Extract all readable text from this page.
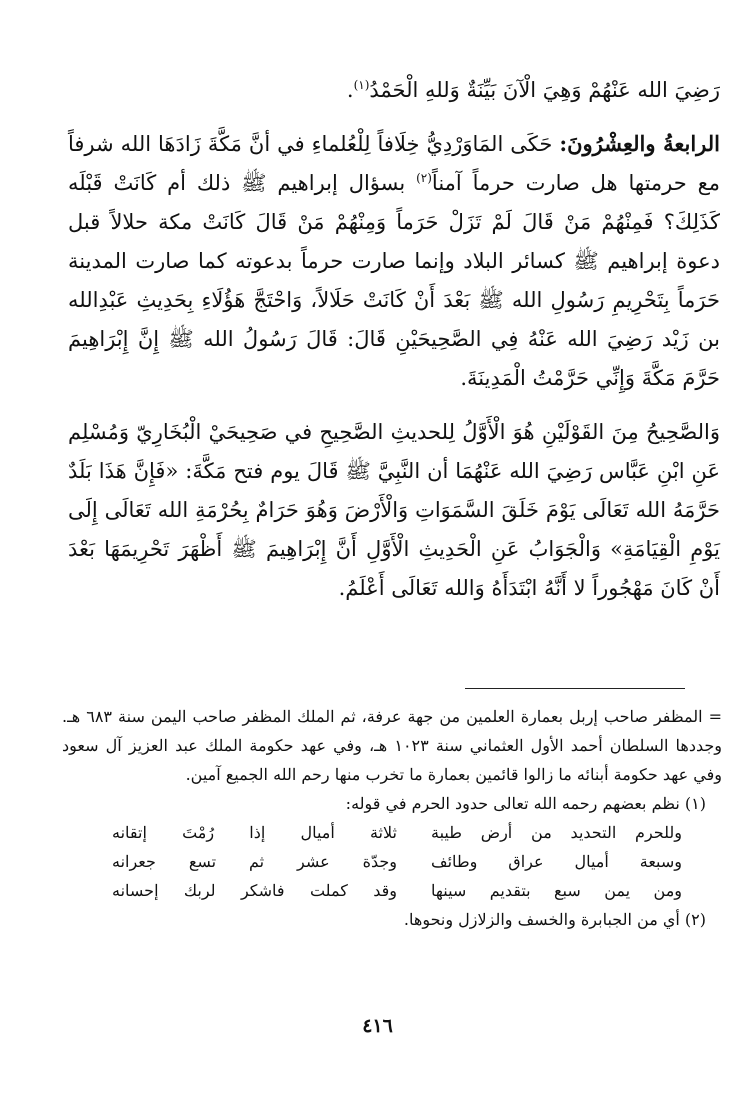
رَضِيَ الله عَنْهُمْ وَهِيَ الْآنَ بَيِّنَةٌ وَللهِ الْحَمْدُ$^{(١)}$.

الرابعةُ والعِشْرُونَ: حَكَى المَاوَرْدِيُّ خِلَافاً لِلْعُلماءِ في أنَّ مَكَّةَ زَادَهَا الله شرفاً مع حرمتها هل صارت حرماً آمناً$^{(٢)}$ بسؤال إبراهيم ﷺ ذلك أم كَانَتْ قَبْلَه كَذَلِكَ؟ فَمِنْهُمْ مَنْ قَالَ لَمْ تَزَلْ حَرَماً وَمِنْهُمْ مَنْ قَالَ كَانَتْ مكة حلالاً قبل دعوة إبراهيم ﷺ كسائر البلاد وإنما صارت حرماً بدعوته كما صارت المدينة حَرَماً بِتَحْرِيمِ رَسُولِ الله ﷺ بَعْدَ أَنْ كَانَتْ حَلَالاً، وَاحْتَجَّ هَؤُلَاءِ بِحَدِيثِ عَبْدِالله بن زَيْد رَضِيَ الله عَنْهُ فِي الصَّحِيحَيْنِ قَالَ: قَالَ رَسُولُ الله ﷺ إِنَّ إِبْرَاهِيمَ حَرَّمَ مَكَّةَ وَإِنِّي حَرَّمْتُ الْمَدِينَةَ.

وَالصَّحِيحُ مِنَ القَوْلَيْنِ هُوَ الْأَوَّلُ لِلحديثِ الصَّحِيحِ في صَحِيحَيْ الْبُخَارِيّ وَمُسْلِم عَنِ ابْنِ عَبَّاس رَضِيَ الله عَنْهُمَا أن النَّبِيَّ ﷺ قَالَ يوم فتح مَكَّةَ: «فَإِنَّ هَذَا بَلَدٌ حَرَّمَهُ الله تَعَالَى يَوْمَ خَلَقَ السَّمَوَاتِ وَالْأَرْضَ وَهُوَ حَرَامٌ بِحُرْمَةِ الله تَعَالَى إِلَى يَوْمِ الْقِيَامَةِ» وَالْجَوَابُ عَنِ الْحَدِيثِ الْأَوَّلِ أَنَّ إِبْرَاهِيمَ ﷺ أَظْهَرَ تَحْرِيمَهَا بَعْدَ أَنْ كَانَ مَهْجُوراً لا أَنَّهُ ابْتَدَأَهُ وَالله تَعَالَى أَعْلَمُ.

= المظفر صاحب إربل بعمارة العلمين من جهة عرفة، ثم الملك المظفر صاحب اليمن سنة ٦٨٣ هـ. وجددها السلطان أحمد الأول العثماني سنة ١٠٢٣ هـ، وفي عهد حكومة الملك عبد العزيز آل سعود وفي عهد حكومة أبنائه ما زالوا قائمين بعمارة ما تخرب منها رحم الله الجميع آمين.

(١) نظم بعضهم رحمه الله تعالى حدود الحرم في قوله:

وللحرم التحديد من أرض طيبة	ثلاثة أميال إذا رُمْتَ إتقانه
وسبعة أميال عراق وطائف	وجدّة عشر ثم تسع جعرانه
ومن يمن سبع بتقديم سينها	وقد كملت فاشكر لربك إحسانه

(٢) أي من الجبابرة والخسف والزلازل ونحوها.

٤١٦
